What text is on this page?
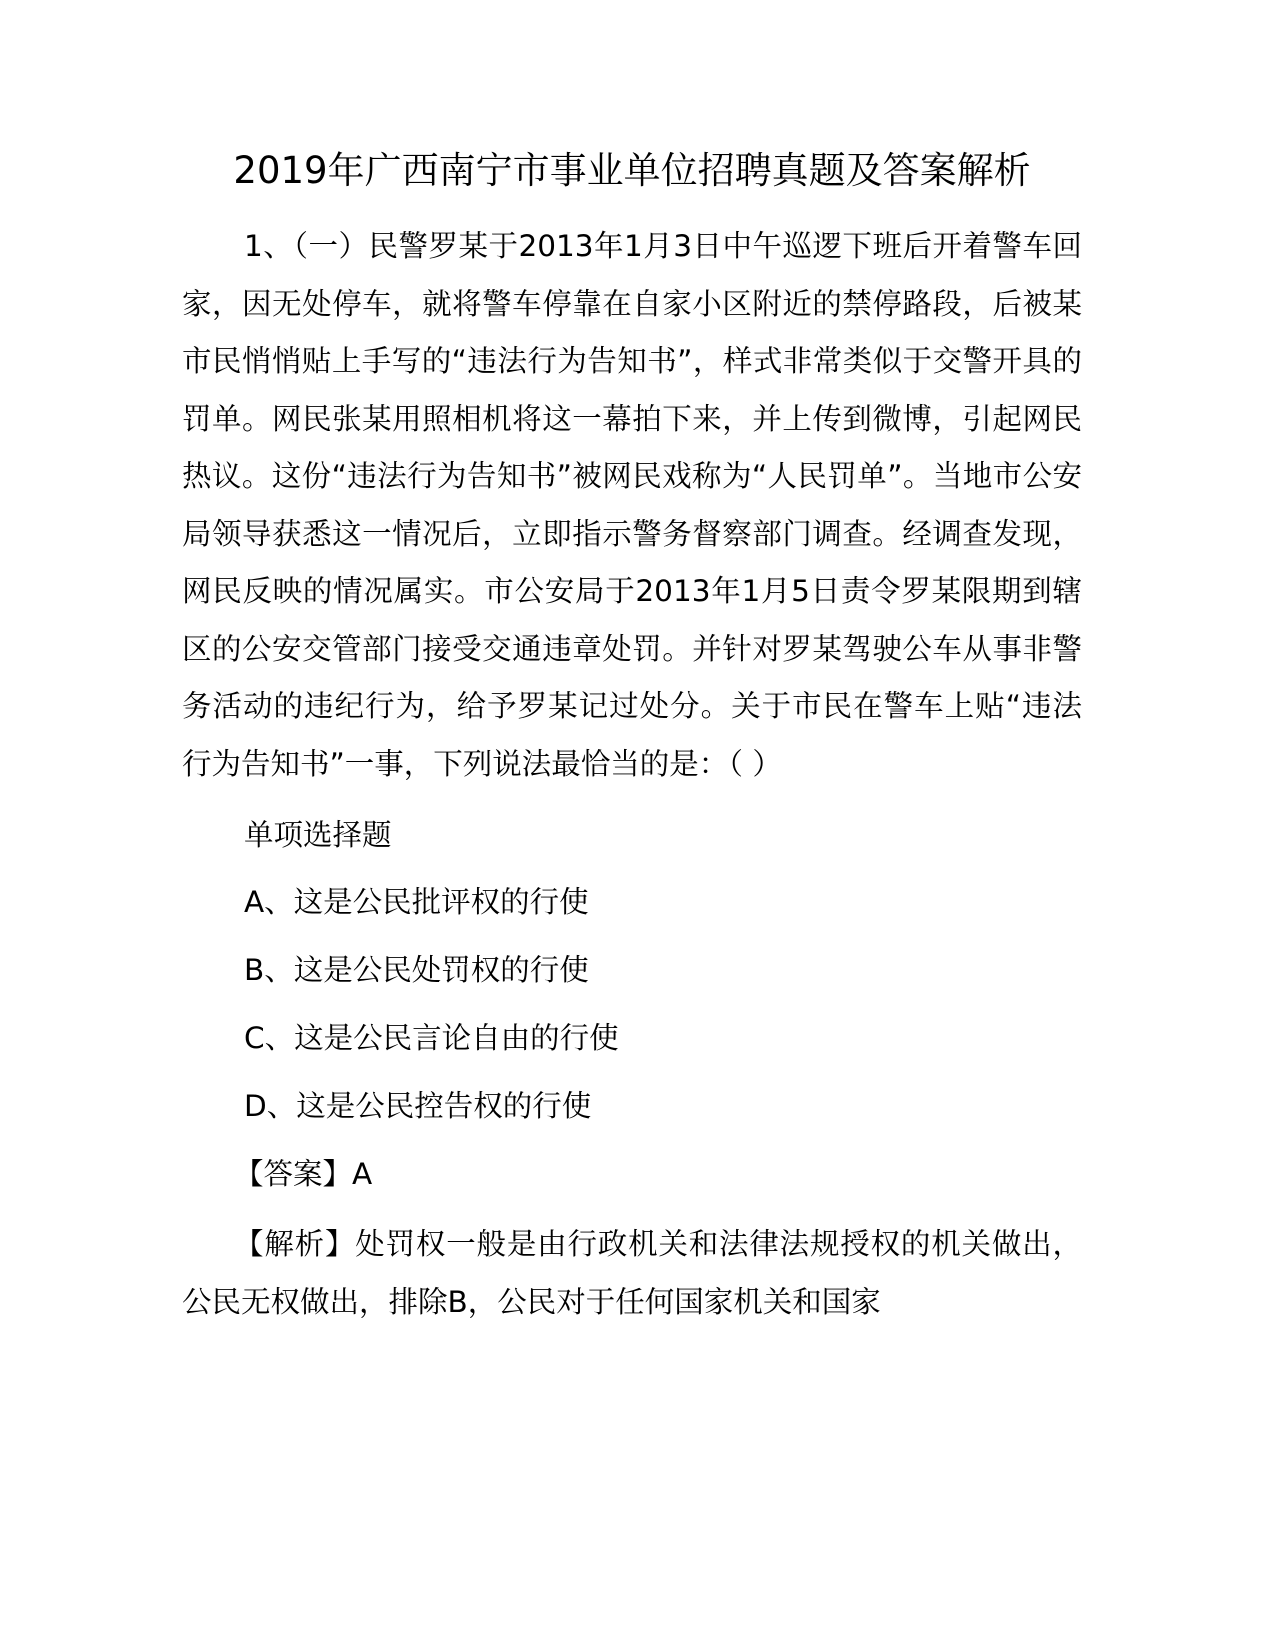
2019年广西南宁市事业单位招聘真题及答案解析

1、（一）民警罗某于2013年1月3日中午巡逻下班后开着警车回家，因无处停车，就将警车停靠在自家小区附近的禁停路段，后被某市民悄悄贴上手写的“违法行为告知书”，样式非常类似于交警开具的罚单。网民张某用照相机将这一幕拍下来，并上传到微博，引起网民热议。这份“违法行为告知书”被网民戏称为“人民罚单”。当地市公安局领导获悉这一情况后，立即指示警务督察部门调查。经调查发现，网民反映的情况属实。市公安局于2013年1月5日责令罗某限期到辖区的公安交管部门接受交通违章处罚。并针对罗某驾驶公车从事非警务活动的违纪行为，给予罗某记过处分。关于市民在警车上贴“违法行为告知书”一事，下列说法最恰当的是：（ ）

单项选择题

A、这是公民批评权的行使

B、这是公民处罚权的行使

C、这是公民言论自由的行使

D、这是公民控告权的行使

【答案】A

【解析】处罚权一般是由行政机关和法律法规授权的机关做出，公民无权做出，排除B，公民对于任何国家机关和国家
